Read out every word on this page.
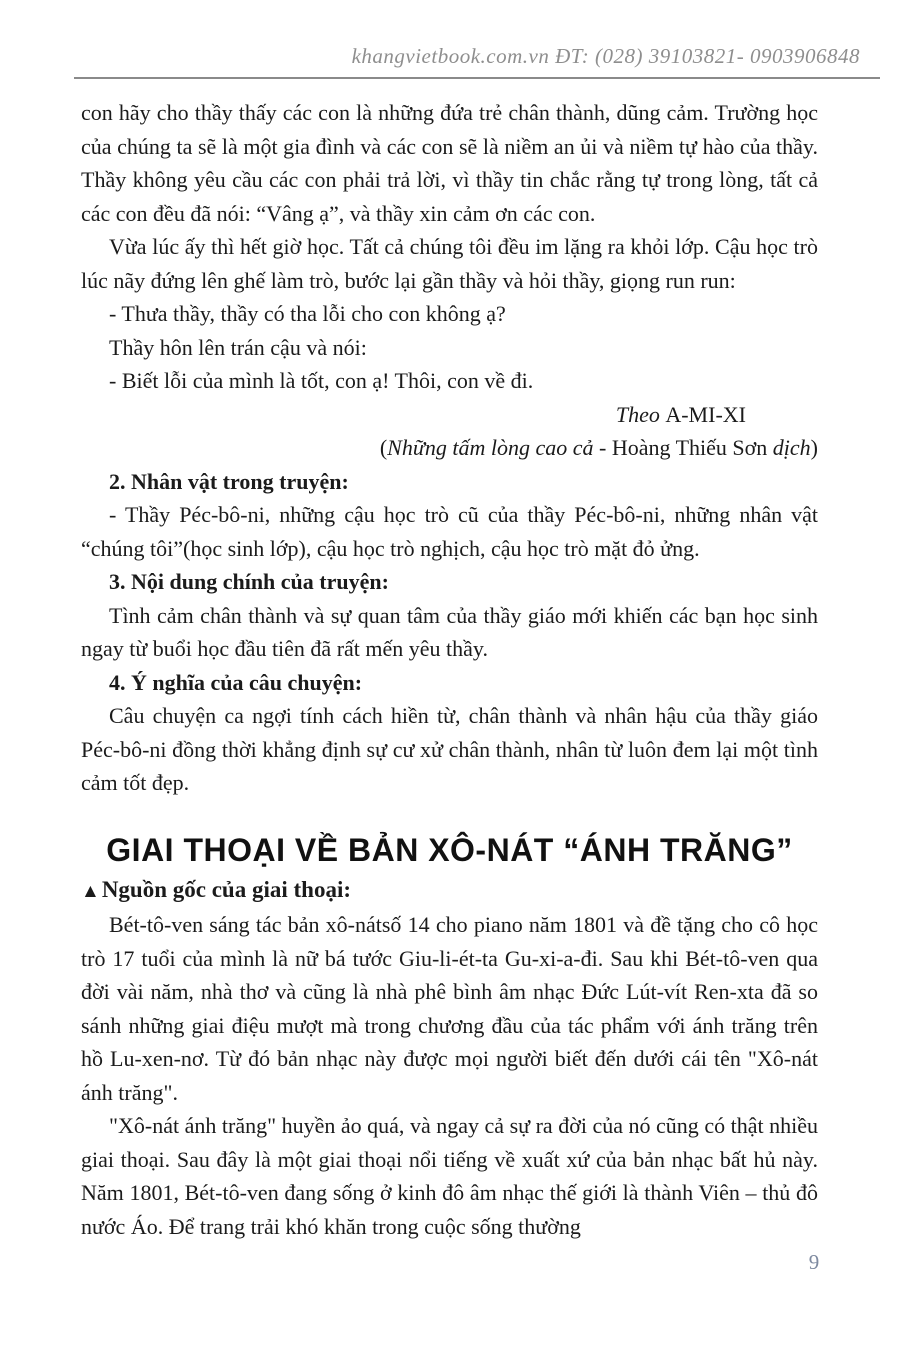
khangvietbook.com.vn ĐT: (028) 39103821- 0903906848

con hãy cho thầy thấy các con là những đứa trẻ chân thành, dũng cảm. Trường học của chúng ta sẽ là một gia đình và các con sẽ là niềm an ủi và niềm tự hào của thầy. Thầy không yêu cầu các con phải trả lời, vì thầy tin chắc rằng tự trong lòng, tất cả các con đều đã nói: “Vâng ạ”, và thầy xin cảm ơn các con.

Vừa lúc ấy thì hết giờ học. Tất cả chúng tôi đều im lặng ra khỏi lớp. Cậu học trò lúc nãy đứng lên ghế làm trò, bước lại gần thầy và hỏi thầy, giọng run run:

- Thưa thầy, thầy có tha lỗi cho con không ạ?

Thầy hôn lên trán cậu và nói:

- Biết lỗi của mình là tốt, con ạ! Thôi, con về đi.

Theo A-MI-XI

(Những tấm lòng cao cả - Hoàng Thiếu Sơn dịch)

2. Nhân vật trong truyện:

- Thầy Péc-bô-ni, những cậu học trò cũ của thầy Péc-bô-ni, những nhân vật “chúng tôi”(học sinh lớp), cậu học trò nghịch, cậu học trò mặt đỏ ửng.

3. Nội dung chính của truyện:

Tình cảm chân thành và sự quan tâm của thầy giáo mới khiến các bạn học sinh ngay từ buổi học đầu tiên đã rất mến yêu thầy.

4. Ý nghĩa của câu chuyện:

Câu chuyện ca ngợi tính cách hiền từ, chân thành và nhân hậu của thầy giáo Péc-bô-ni đồng thời khẳng định sự cư xử chân thành, nhân từ luôn đem lại một tình cảm tốt đẹp.

GIAI THOẠI VỀ BẢN XÔ-NÁT “ÁNH TRĂNG”

▲Nguồn gốc của giai thoại:

Bét-tô-ven sáng tác bản xô-nátsố 14 cho piano năm 1801 và đề tặng cho cô học trò 17 tuổi của mình là nữ bá tước Giu-li-ét-ta Gu-xi-a-đi. Sau khi Bét-tô-ven qua đời vài năm, nhà thơ và cũng là nhà phê bình âm nhạc Đức Lút-vít Ren-xta đã so sánh những giai điệu mượt mà trong chương đầu của tác phẩm với ánh trăng trên hồ Lu-xen-nơ. Từ đó bản nhạc này được mọi người biết đến dưới cái tên "Xô-nát ánh trăng".

"Xô-nát ánh trăng" huyền ảo quá, và ngay cả sự ra đời của nó cũng có thật nhiều giai thoại. Sau đây là một giai thoại nổi tiếng về xuất xứ của bản nhạc bất hủ này. Năm 1801, Bét-tô-ven đang sống ở kinh đô âm nhạc thế giới là thành Viên – thủ đô nước Áo. Để trang trải khó khăn trong cuộc sống thường

9
